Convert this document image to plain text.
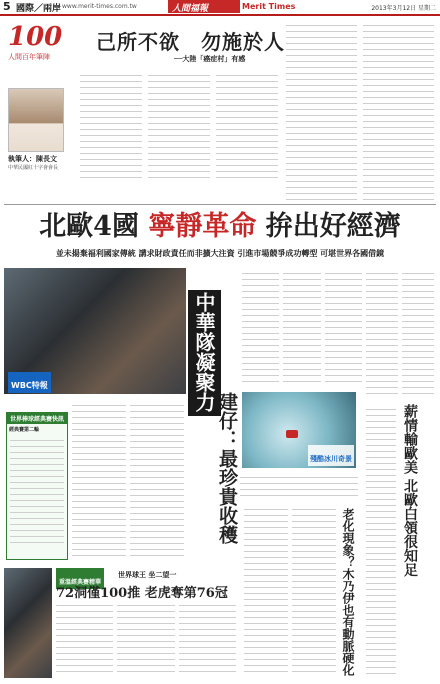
5 國際／兩岸 www.merit-times.com.tw	人間福報	Merit Times	2013年3月12日 星期二
100
人間百年筆陣
執筆人：陳長文
中華民國紅十字會會長
己所不欲　勿施於人
──大陸「癌症村」有感
北歐4國 寧靜革命 拚出好經濟
並未揚棄福利國家傳統 講求財政責任而非擴大注資 引進市場競爭成功轉型 可堪世界各國借鏡
WBC特報	中華隊凝聚力
建仔：最珍貴收穫
世界棒球經典賽快訊
經典賽第二輪
殘酷冰川奇景	薪情輸歐美 北歐白領很知足
老化現象？木乃伊也有動脈硬化
重溫經典賽精華
世界球王 坐二望一
72洞僅100推 老虎奪第76冠
